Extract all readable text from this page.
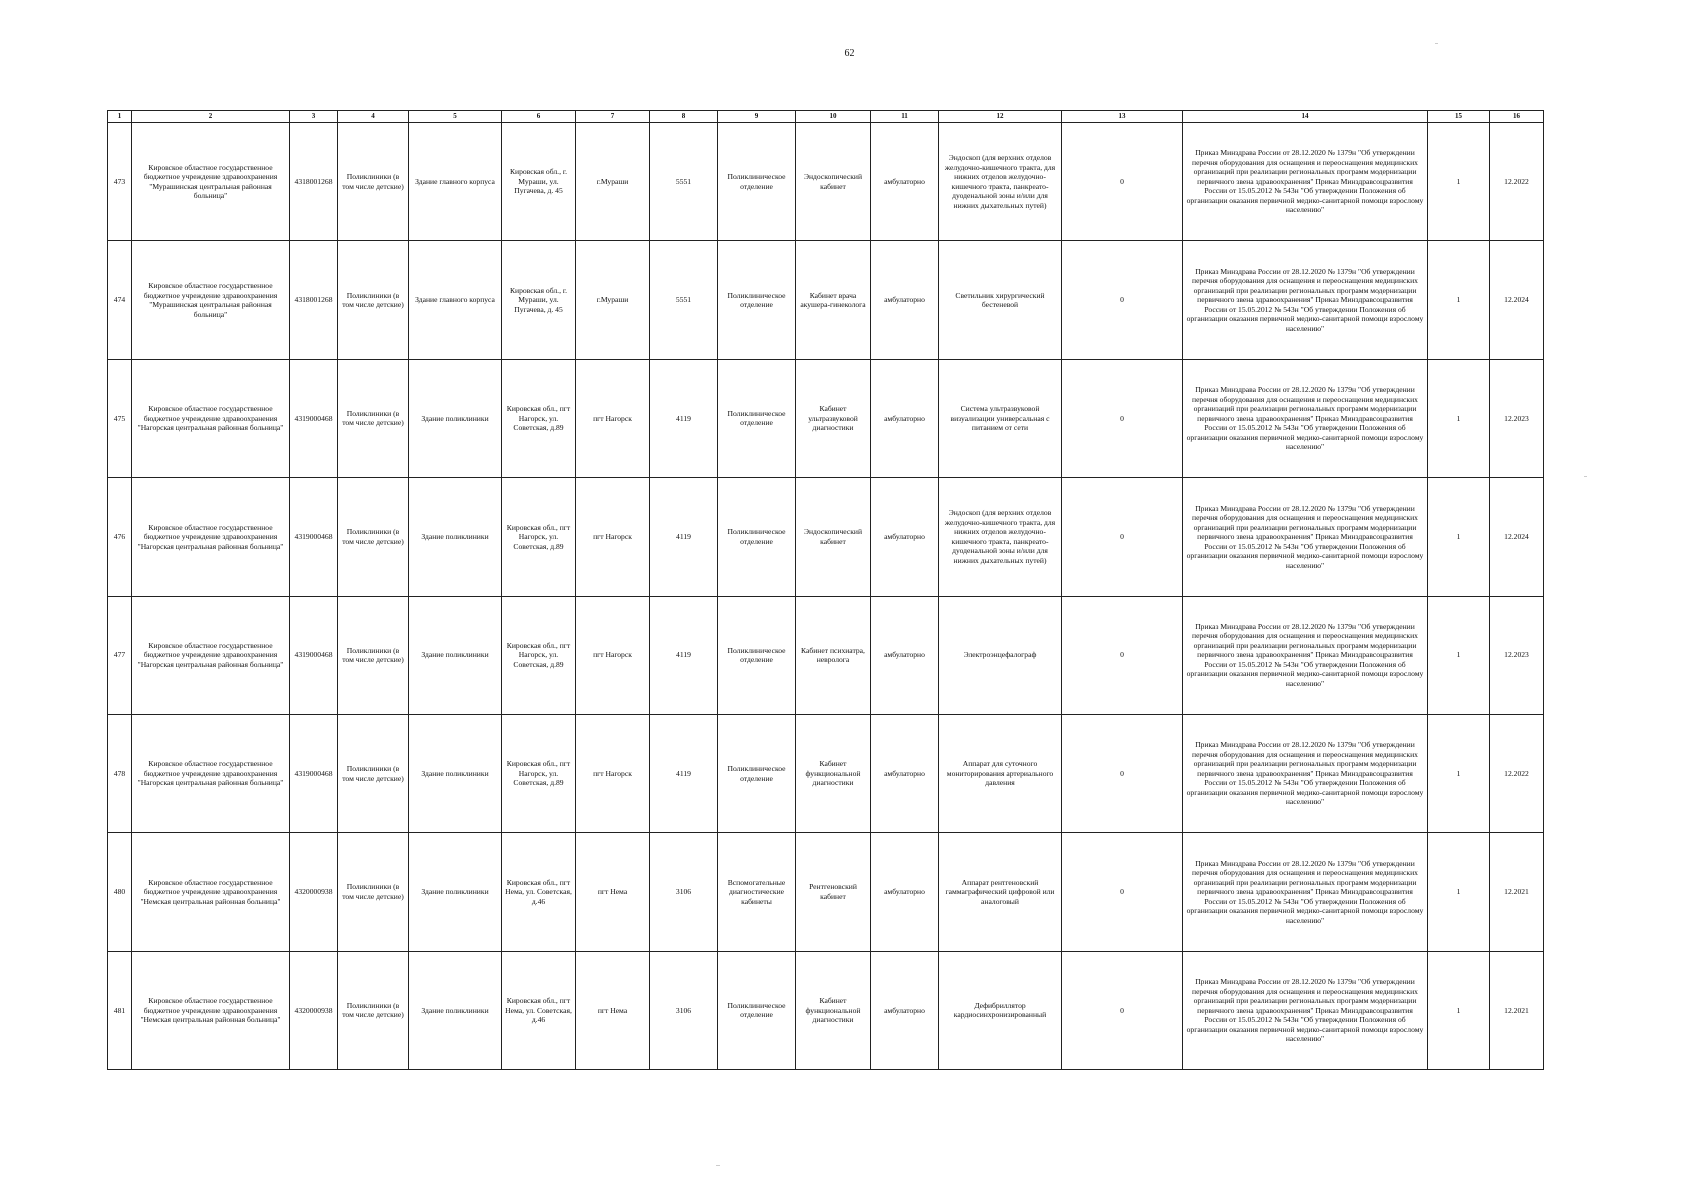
62
1	2	3	4	5	6	7	8	9	10	11	12	13	14	15	16
473	Кировское областное государственное бюджетное учреждение здравоохранения "Мурашинская центральная районная больница"	4318001268	Поликлиники (в том числе детские)	Здание главного корпуса	Кировская обл., г. Мураши, ул. Пугачева, д. 45	г.Мураши	5551	Поликлиническое отделение	Эндоскопический кабинет	амбулаторно	Эндоскоп (для верхних отделов желудочно-кишечного тракта, для нижних отделов желудочно-кишечного тракта, панкреато-дуоденальной зоны и/или для нижних дыхательных путей)	0	Приказ Минздрава России от 28.12.2020 № 1379н "Об утверждении перечня оборудования для оснащения и переоснащения медицинских организаций при реализации региональных программ модернизации первичного звена здравоохранения" Приказ Минздравсоцразвития России от 15.05.2012 № 543н "Об утверждении Положения об организации оказания первичной медико-санитарной помощи взрослому населению"	1	12.2022
474	Кировское областное государственное бюджетное учреждение здравоохранения "Мурашинская центральная районная больница"	4318001268	Поликлиники (в том числе детские)	Здание главного корпуса	Кировская обл., г. Мураши, ул. Пугачева, д. 45	г.Мураши	5551	Поликлиническое отделение	Кабинет врача акушера-гинеколога	амбулаторно	Светильник хирургический бестеневой	0	Приказ Минздрава России от 28.12.2020 № 1379н "Об утверждении перечня оборудования для оснащения и переоснащения медицинских организаций при реализации региональных программ модернизации первичного звена здравоохранения" Приказ Минздравсоцразвития России от 15.05.2012 № 543н "Об утверждении Положения об организации оказания первичной медико-санитарной помощи взрослому населению"	1	12.2024
475	Кировское областное государственное бюджетное учреждение здравоохранения "Нагорская центральная районная больница"	4319000468	Поликлиники (в том числе детские)	Здание поликлиники	Кировская обл., пгт Нагорск, ул. Советская, д.89	пгт Нагорск	4119	Поликлиническое отделение	Кабинет ультразвуковой диагностики	амбулаторно	Система ультразвуковой визуализации универсальная с питанием от сети	0	Приказ Минздрава России от 28.12.2020 № 1379н "Об утверждении перечня оборудования для оснащения и переоснащения медицинских организаций при реализации региональных программ модернизации первичного звена здравоохранения" Приказ Минздравсоцразвития России от 15.05.2012 № 543н "Об утверждении Положения об организации оказания первичной медико-санитарной помощи взрослому населению"	1	12.2023
476	Кировское областное государственное бюджетное учреждение здравоохранения "Нагорская центральная районная больница"	4319000468	Поликлиники (в том числе детские)	Здание поликлиники	Кировская обл., пгт Нагорск, ул. Советская, д.89	пгт Нагорск	4119	Поликлиническое отделение	Эндоскопический кабинет	амбулаторно	Эндоскоп (для верхних отделов желудочно-кишечного тракта, для нижних отделов желудочно-кишечного тракта, панкреато-дуоденальной зоны и/или для нижних дыхательных путей)	0	Приказ Минздрава России от 28.12.2020 № 1379н "Об утверждении перечня оборудования для оснащения и переоснащения медицинских организаций при реализации региональных программ модернизации первичного звена здравоохранения" Приказ Минздравсоцразвития России от 15.05.2012 № 543н "Об утверждении Положения об организации оказания первичной медико-санитарной помощи взрослому населению"	1	12.2024
477	Кировское областное государственное бюджетное учреждение здравоохранения "Нагорская центральная районная больница"	4319000468	Поликлиники (в том числе детские)	Здание поликлиники	Кировская обл., пгт Нагорск, ул. Советская, д.89	пгт Нагорск	4119	Поликлиническое отделение	Кабинет психиатра, невролога	амбулаторно	Электроэнцефалограф	0	Приказ Минздрава России от 28.12.2020 № 1379н "Об утверждении перечня оборудования для оснащения и переоснащения медицинских организаций при реализации региональных программ модернизации первичного звена здравоохранения" Приказ Минздравсоцразвития России от 15.05.2012 № 543н "Об утверждении Положения об организации оказания первичной медико-санитарной помощи взрослому населению"	1	12.2023
478	Кировское областное государственное бюджетное учреждение здравоохранения "Нагорская центральная районная больница"	4319000468	Поликлиники (в том числе детские)	Здание поликлиники	Кировская обл., пгт Нагорск, ул. Советская, д.89	пгт Нагорск	4119	Поликлиническое отделение	Кабинет функциональной диагностики	амбулаторно	Аппарат для суточного мониторирования артериального давления	0	Приказ Минздрава России от 28.12.2020 № 1379н "Об утверждении перечня оборудования для оснащения и переоснащения медицинских организаций при реализации региональных программ модернизации первичного звена здравоохранения" Приказ Минздравсоцразвития России от 15.05.2012 № 543н "Об утверждении Положения об организации оказания первичной медико-санитарной помощи взрослому населению"	1	12.2022
480	Кировское областное государственное бюджетное учреждение здравоохранения "Немская центральная районная больница"	4320000938	Поликлиники (в том числе детские)	Здание поликлиники	Кировская обл., пгт Нема, ул. Советская, д.46	пгт Нема	3106	Вспомогательные диагностические кабинеты	Рентгеновский кабинет	амбулаторно	Аппарат рентгеновский гаммаграфический цифровой или аналоговый	0	Приказ Минздрава России от 28.12.2020 № 1379н "Об утверждении перечня оборудования для оснащения и переоснащения медицинских организаций при реализации региональных программ модернизации первичного звена здравоохранения" Приказ Минздравсоцразвития России от 15.05.2012 № 543н "Об утверждении Положения об организации оказания первичной медико-санитарной помощи взрослому населению"	1	12.2021
481	Кировское областное государственное бюджетное учреждение здравоохранения "Немская центральная районная больница"	4320000938	Поликлиники (в том числе детские)	Здание поликлиники	Кировская обл., пгт Нема, ул. Советская, д.46	пгт Нема	3106	Поликлиническое отделение	Кабинет функциональной диагностики	амбулаторно	Дефибриллятор кардиосинхронизированный	0	Приказ Минздрава России от 28.12.2020 № 1379н "Об утверждении перечня оборудования для оснащения и переоснащения медицинских организаций при реализации региональных программ модернизации первичного звена здравоохранения" Приказ Минздравсоцразвития России от 15.05.2012 № 543н "Об утверждении Положения об организации оказания первичной медико-санитарной помощи взрослому населению"	1	12.2021
